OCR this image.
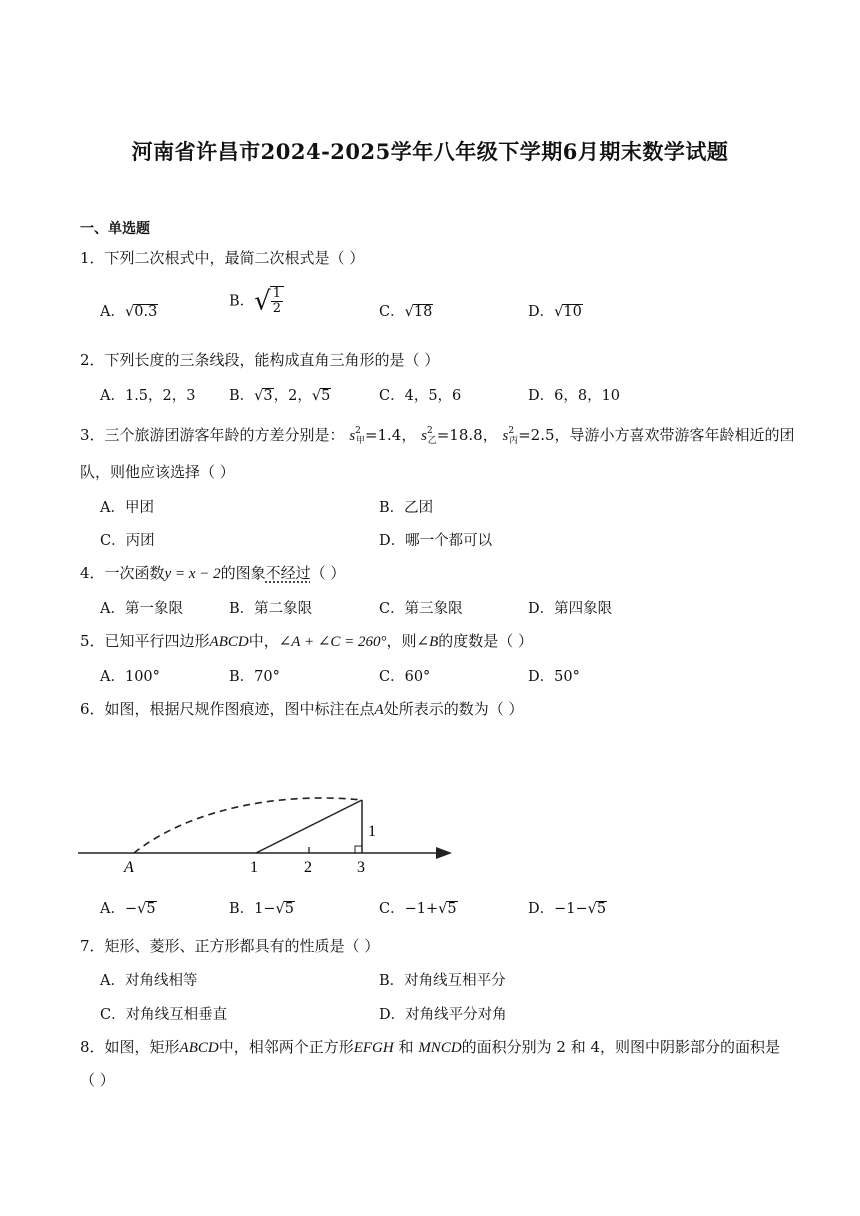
河南省许昌市2024-2025学年八年级下学期6月期末数学试题
一、单选题
1．下列二次根式中，最简二次根式是（ ）
A．√0.3
B．√ $\frac{1}{2}$	C．√18	D．√10
2．下列长度的三条线段，能构成直角三角形的是（ ）
A．1.5，2，3 B．√3，2，√5	C．4，5，6	D．6，8，10
3．三个旅游团游客年龄的方差分别是： $s^2_甲=1.4$， $s^2_乙=18.8$， $s^2_丙=2.5$，导游小方喜欢带游客年龄相近的团
队，则他应该选择（ ）
A．甲团	B．乙团
C．丙团	D．哪一个都可以
4．一次函数y = x − 2的图象不经过（ ）
A．第一象限	B．第二象限	C．第三象限	D．第四象限
5．已知平行四边形ABCD中，∠A + ∠C = 260°，则∠B的度数是（ ）
A．100°	B．70°	C．60°	D．50°
6．如图，根据尺规作图痕迹，图中标注在点A处所表示的数为（ ）
A	1	2	3
1
A．−√5	B．1−√5	C．−1+√5	D．−1−√5
7．矩形、菱形、正方形都具有的性质是（ ）
A．对角线相等	B．对角线互相平分
C．对角线互相垂直	D．对角线平分对角
8．如图，矩形ABCD中，相邻两个正方形EFGH 和 MNCD的面积分别为 2 和 4，则图中阴影部分的面积是
（ ）
